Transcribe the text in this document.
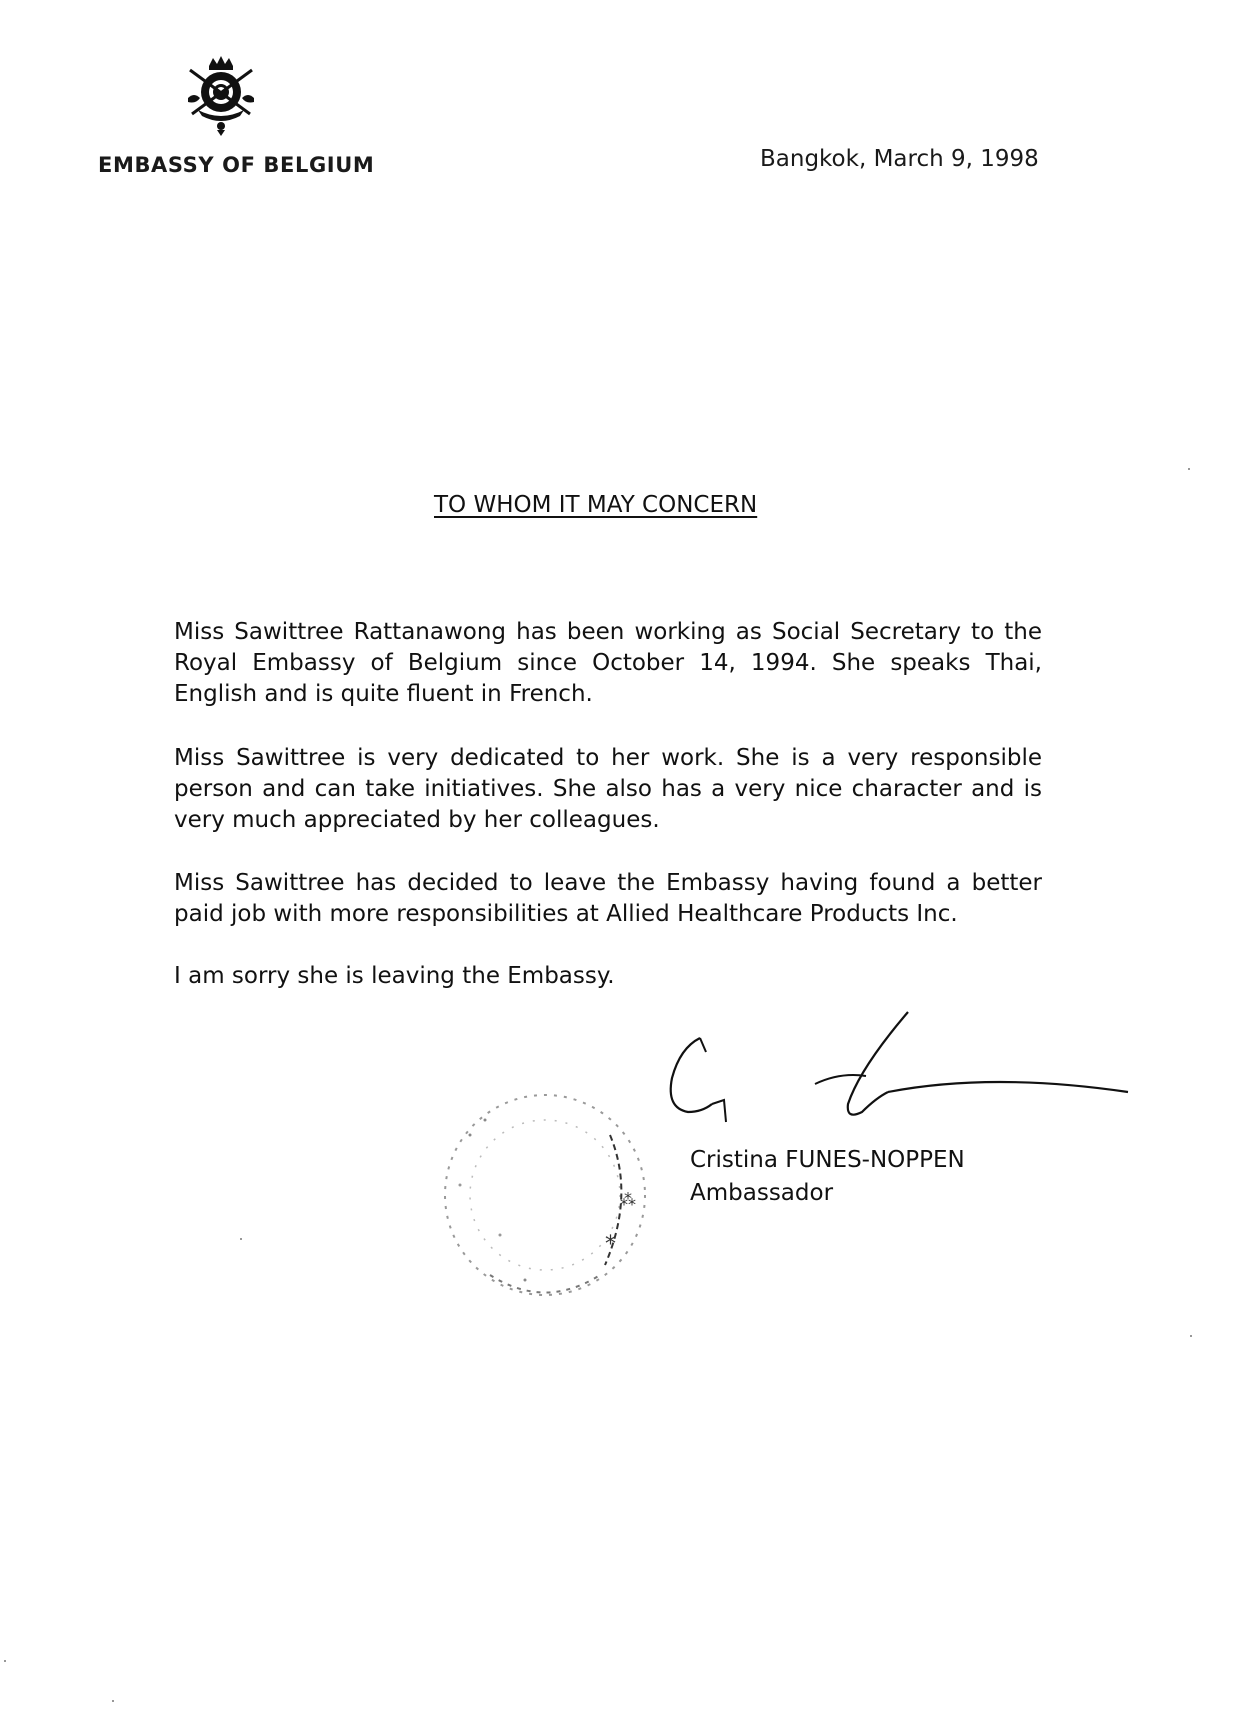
EMBASSY OF BELGIUM	Bangkok, March 9, 1998
TO WHOM IT MAY CONCERN
Miss Sawittree Rattanawong has been working as Social Secretary to the Royal Embassy of Belgium since October 14, 1994. She speaks Thai, English and is quite fluent in French.
Miss Sawittree is very dedicated to her work. She is a very responsible person and can take initiatives. She also has a very nice character and is very much appreciated by her colleagues.
Miss Sawittree has decided to leave the Embassy having found a better paid job with more responsibilities at Allied Healthcare Products Inc.
I am sorry she is leaving the Embassy.
⁂
*
Cristina FUNES-NOPPEN
Ambassador
